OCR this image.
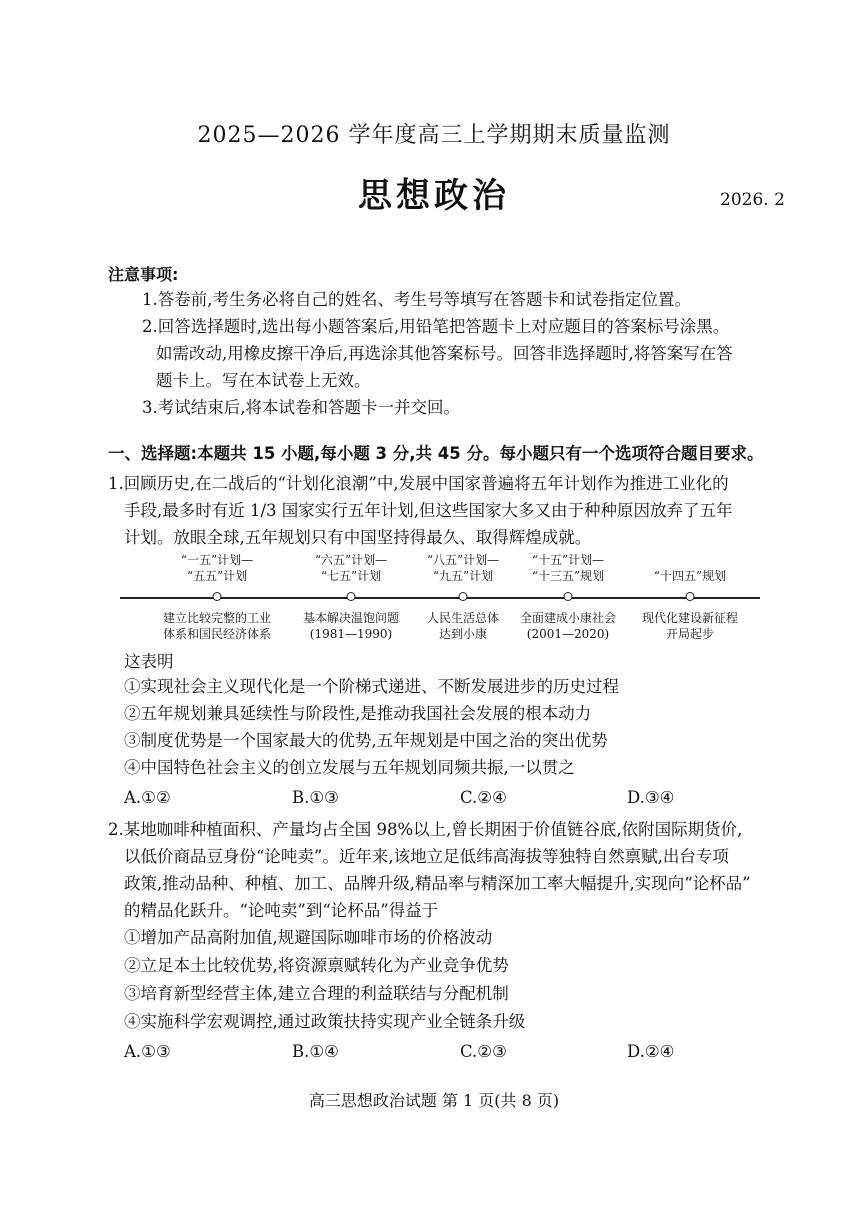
2025—2026 学年度高三上学期期末质量监测
思想政治	2026. 2
注意事项:
1.答卷前,考生务必将自己的姓名、考生号等填写在答题卡和试卷指定位置。
2.回答选择题时,选出每小题答案后,用铅笔把答题卡上对应题目的答案标号涂黑。
如需改动,用橡皮擦干净后,再选涂其他答案标号。回答非选择题时,将答案写在答
题卡上。写在本试卷上无效。
3.考试结束后,将本试卷和答题卡一并交回。
一、选择题:本题共 15 小题,每小题 3 分,共 45 分。每小题只有一个选项符合题目要求。
1.回顾历史,在二战后的“计划化浪潮”中,发展中国家普遍将五年计划作为推进工业化的
手段,最多时有近 1/3 国家实行五年计划,但这些国家大多又由于种种原因放弃了五年
计划。放眼全球,五年规划只有中国坚持得最久、取得辉煌成就。
“一五”计划—
“五五”计划
“六五”计划—
“七五”计划
“八五”计划—
“九五”计划
“十五”计划—
“十三五”规划	“十四五”规划
建立比较完整的工业
体系和国民经济体系
基本解决温饱问题
(1981—1990)
人民生活总体
达到小康
全面建成小康社会
(2001—2020)
现代化建设新征程
开局起步
这表明
①实现社会主义现代化是一个阶梯式递进、不断发展进步的历史过程
②五年规划兼具延续性与阶段性,是推动我国社会发展的根本动力
③制度优势是一个国家最大的优势,五年规划是中国之治的突出优势
④中国特色社会主义的创立发展与五年规划同频共振,一以贯之
A.①②	B.①③	C.②④	D.③④
2.某地咖啡种植面积、产量均占全国 98%以上,曾长期困于价值链谷底,依附国际期货价,
以低价商品豆身份“论吨卖”。近年来,该地立足低纬高海拔等独特自然禀赋,出台专项
政策,推动品种、种植、加工、品牌升级,精品率与精深加工率大幅提升,实现向“论杯品”
的精品化跃升。“论吨卖”到“论杯品”得益于
①增加产品高附加值,规避国际咖啡市场的价格波动
②立足本土比较优势,将资源禀赋转化为产业竞争优势
③培育新型经营主体,建立合理的利益联结与分配机制
④实施科学宏观调控,通过政策扶持实现产业全链条升级
A.①③	B.①④	C.②③	D.②④
高三思想政治试题 第 1 页(共 8 页)
